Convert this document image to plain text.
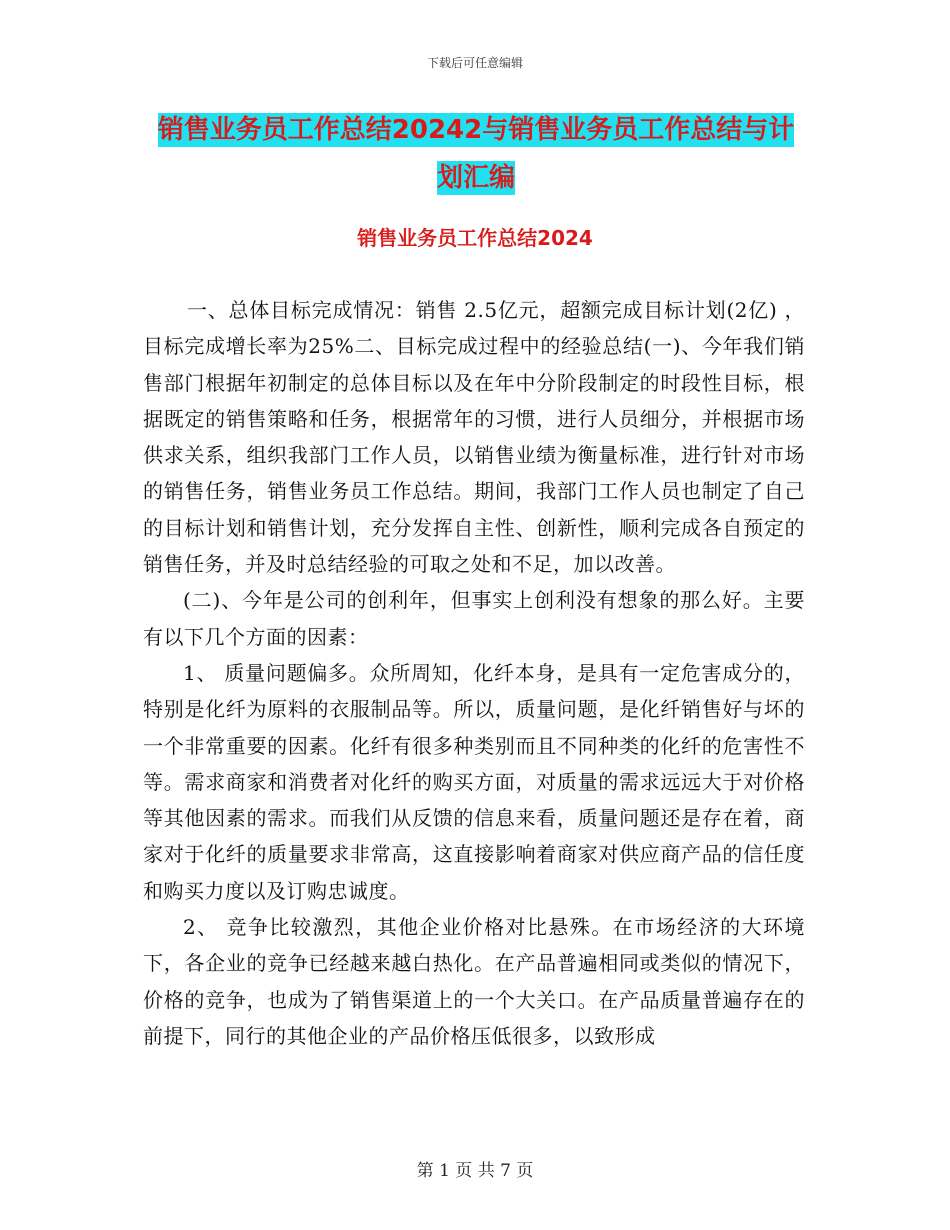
下载后可任意编辑
销售业务员工作总结20242与销售业务员工作总结与计划汇编
销售业务员工作总结2024

一、总体目标完成情况：销售 2.5亿元，超额完成目标计划(2亿) ，目标完成增长率为25%二、目标完成过程中的经验总结(一)、今年我们销售部门根据年初制定的总体目标以及在年中分阶段制定的时段性目标，根据既定的销售策略和任务，根据常年的习惯，进行人员细分，并根据市场供求关系，组织我部门工作人员，以销售业绩为衡量标准，进行针对市场的销售任务，销售业务员工作总结。期间，我部门工作人员也制定了自己的目标计划和销售计划，充分发挥自主性、创新性，顺利完成各自预定的销售任务，并及时总结经验的可取之处和不足，加以改善。

(二)、今年是公司的创利年，但事实上创利没有想象的那么好。主要有以下几个方面的因素：

1、 质量问题偏多。众所周知，化纤本身，是具有一定危害成分的，特别是化纤为原料的衣服制品等。所以，质量问题，是化纤销售好与坏的一个非常重要的因素。化纤有很多种类别而且不同种类的化纤的危害性不等。需求商家和消费者对化纤的购买方面，对质量的需求远远大于对价格等其他因素的需求。而我们从反馈的信息来看，质量问题还是存在着，商家对于化纤的质量要求非常高，这直接影响着商家对供应商产品的信任度和购买力度以及订购忠诚度。

2、 竞争比较激烈，其他企业价格对比悬殊。在市场经济的大环境下，各企业的竞争已经越来越白热化。在产品普遍相同或类似的情况下，价格的竞争，也成为了销售渠道上的一个大关口。在产品质量普遍存在的前提下，同行的其他企业的产品价格压低很多，以致形成

第 1 页 共 7 页
